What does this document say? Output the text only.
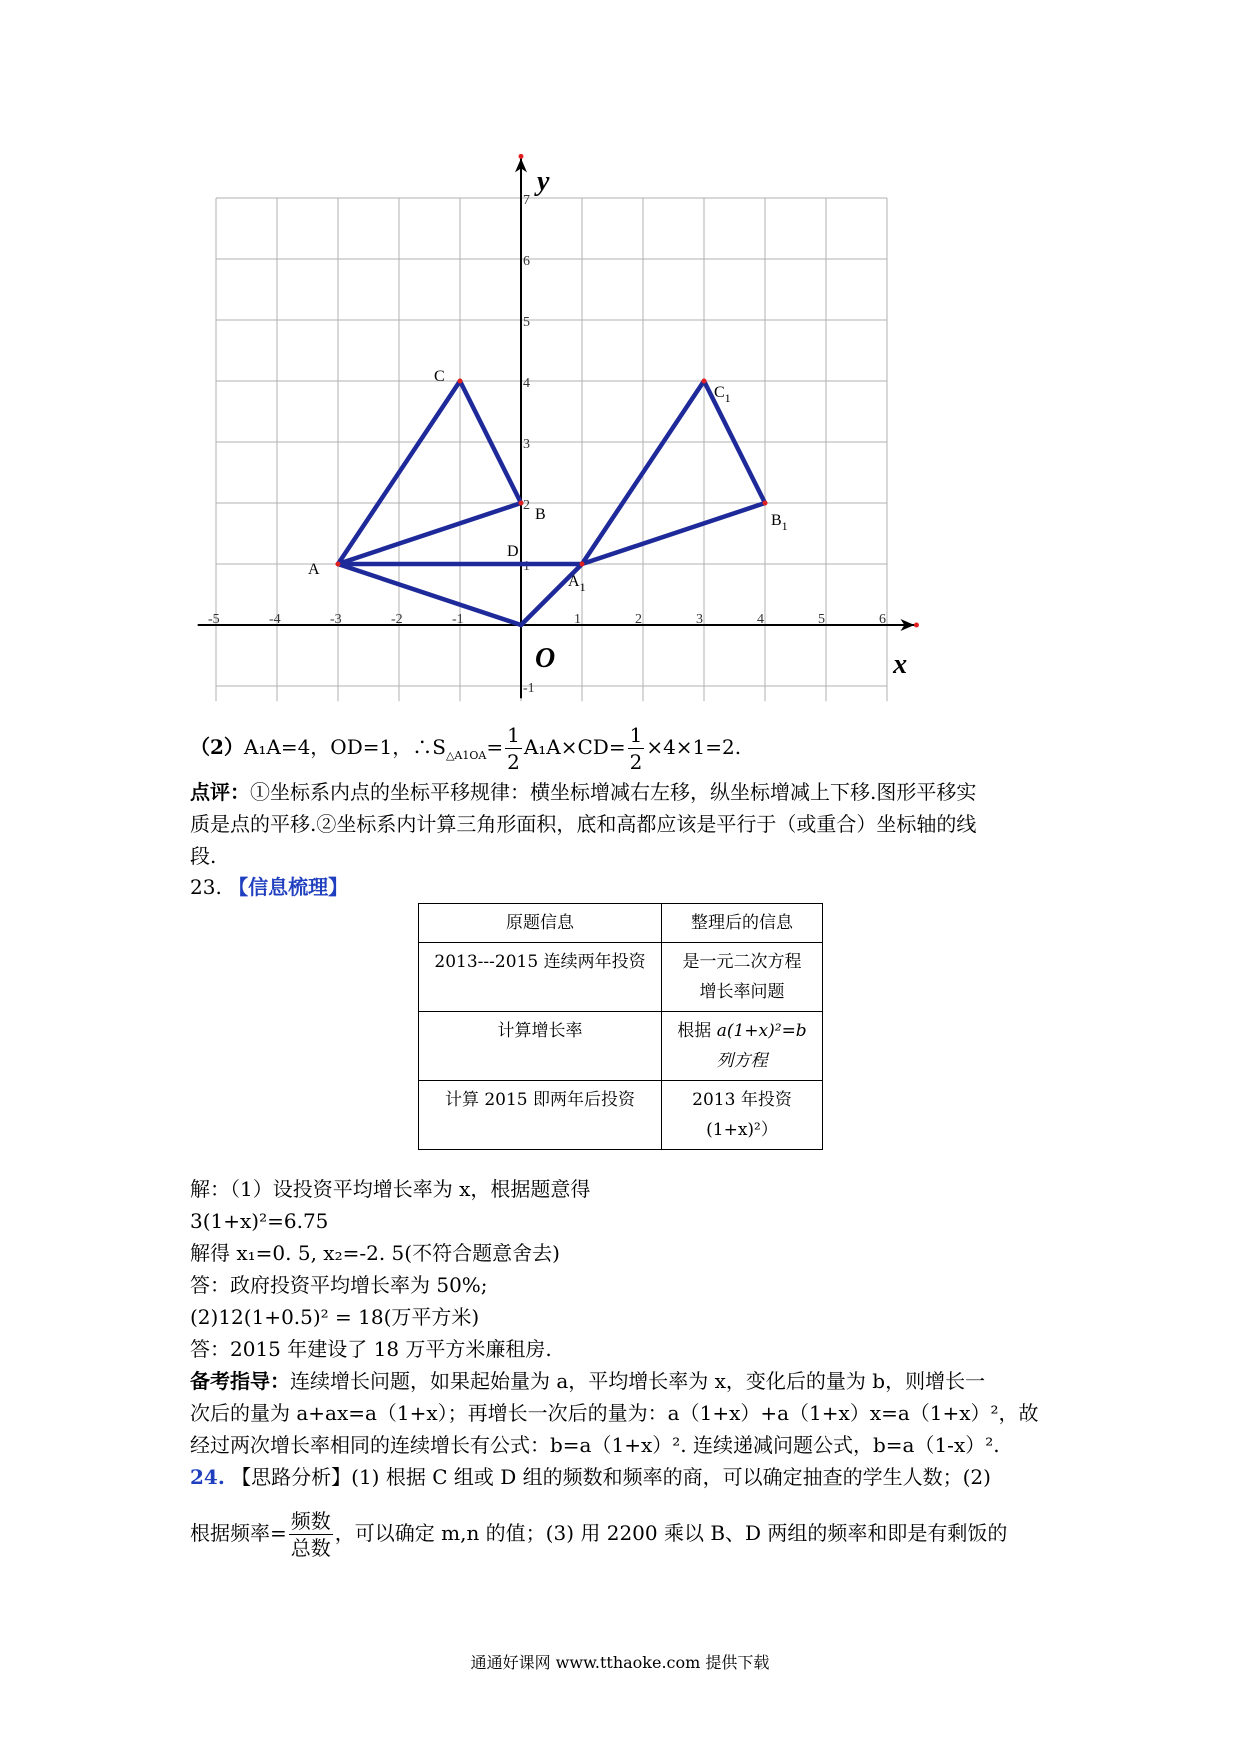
-5	-4	-3	-2	-1	1	2	3	4	5	6
-1
1
2
3
4
5
6
7
x
y
O
A
B
C
D
$A_1$
$B_1$
$C_1$
（2）A₁A=4，OD=1，$\therefore S_{\triangle A1OA}= \frac{1}{2} A_1A\times CD= \frac{1}{2} \times 4\times 1=2$.
点评：①坐标系内点的坐标平移规律：横坐标增减右左移，纵坐标增减上下移.图形平移实
质是点的平移.②坐标系内计算三角形面积，底和高都应该是平行于（或重合）坐标轴的线
段.
23. 【信息梳理】
原题信息	整理后的信息
2013---2015 连续两年投资	是一元二次方程
增长率问题

计算增长率	根据 a(1+x)²=b
列方程

计算 2015 即两年后投资	2013 年投资
(1+x)²）
解：（1）设投资平均增长率为 x，根据题意得
3(1+x)²=6.75
解得 x₁=0. 5, x₂=-2. 5(不符合题意舍去)
答：政府投资平均增长率为 50%;
(2)12(1+0.5)² = 18(万平方米)
答：2015 年建设了 18 万平方米廉租房.
备考指导：连续增长问题，如果起始量为 a，平均增长率为 x，变化后的量为 b，则增长一
次后的量为 a+ax=a（1+x）；再增长一次后的量为：a（1+x）+a（1+x）x=a（1+x）²，故
经过两次增长率相同的连续增长有公式：b=a（1+x）². 连续递减问题公式，b=a（1-x）².
24. 【思路分析】(1) 根据 C 组或 D 组的频数和频率的商，可以确定抽查的学生人数；(2)
根据频率= $\frac{\text{频数}}{\text{总数}}$ ，可以确定 m,n 的值；(3) 用 2200 乘以 B、D 两组的频率和即是有剩饭的
通通好课网 www.tthaoke.com 提供下载
